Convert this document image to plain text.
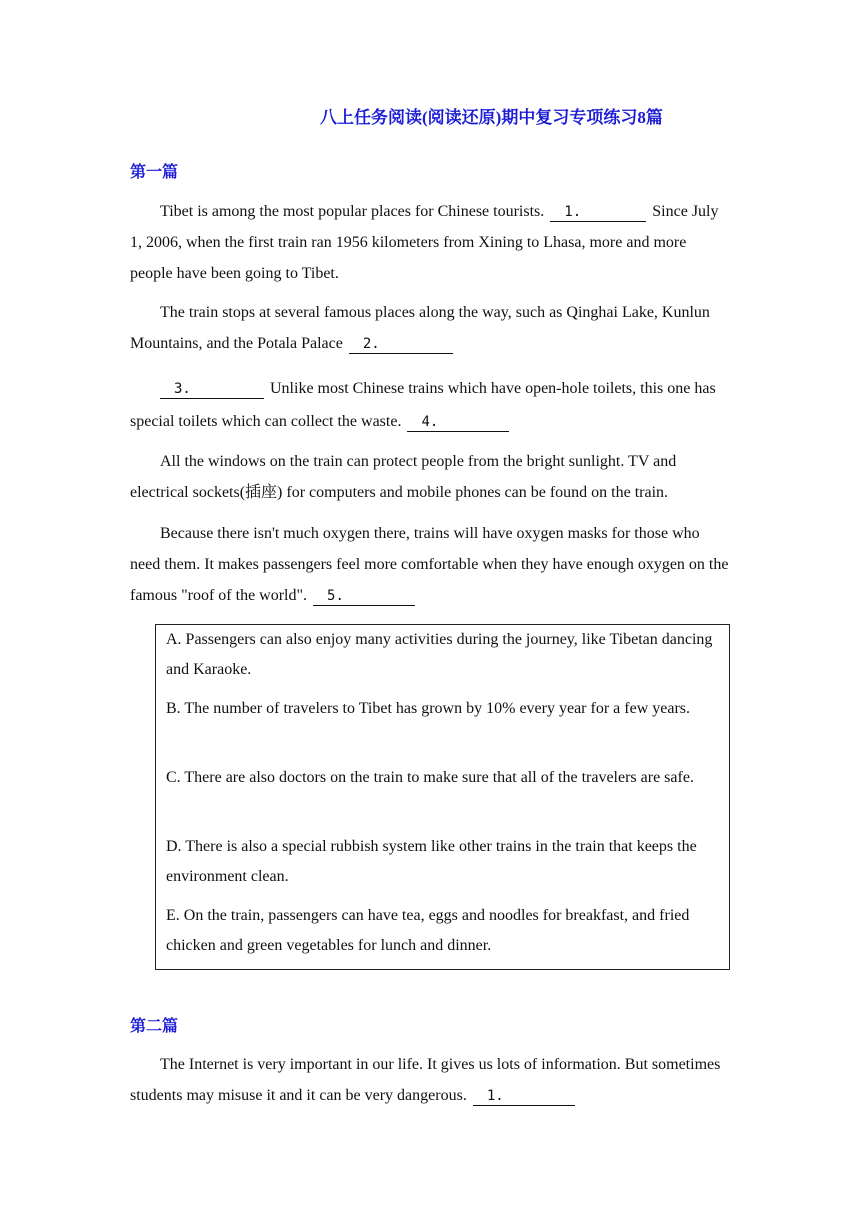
八上任务阅读(阅读还原)期中复习专项练习8篇
第一篇

Tibet is among the most popular places for Chinese tourists. 1.	Since July 1, 2006, when the first train ran 1956 kilometers from Xining to Lhasa, more and more people have been going to Tibet.

The train stops at several famous places along the way, such as Qinghai Lake, Kunlun Mountains, and the Potala Palace 2.

3.	Unlike most Chinese trains which have open-hole toilets, this one has special toilets which can collect the waste. 4.

All the windows on the train can protect people from the bright sunlight. TV and electrical sockets(插座) for computers and mobile phones can be found on the train.

Because there isn't much oxygen there, trains will have oxygen masks for those who need them. It makes passengers feel more comfortable when they have enough oxygen on the famous "roof of the world". 5.

A. Passengers can also enjoy many activities during the journey, like Tibetan dancing and Karaoke.

B. The number of travelers to Tibet has grown by 10% every year for a few years.

C. There are also doctors on the train to make sure that all of the travelers are safe.

D. There is also a special rubbish system like other trains in the train that keeps the environment clean.

E. On the train, passengers can have tea, eggs and noodles for breakfast, and fried chicken and green vegetables for lunch and dinner.

第二篇

The Internet is very important in our life. It gives us lots of information. But sometimes students may misuse it and it can be very dangerous. 1.
